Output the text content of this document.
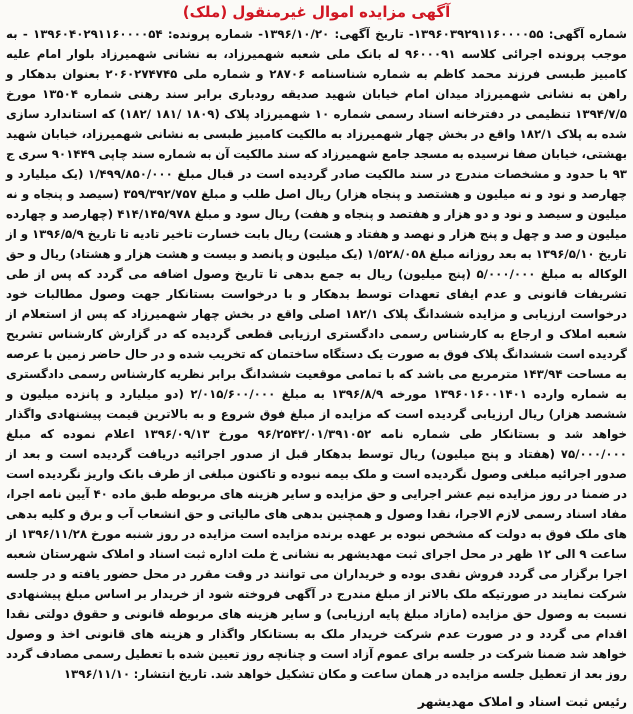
آگهی مزایده اموال غیرمنقول (ملک)

شماره آگهی: ۱۳۹۶۰۳۹۲۹۱۱۶۰۰۰۰۵۵- تاریخ آگهی: ۱۳۹۶/۱۰/۲۰- شماره پرونده: ۱۳۹۶۰۴۰۲۹۱۱۶۰۰۰۰۵۴ - به موجب پرونده اجرائی کلاسه ۹۶۰۰۰۹۱ له بانک ملی شعبه شهمیرزاد، به نشانی شهمیرزاد بلوار امام علیه کامبیز طبسی فرزند محمد کاظم به شماره شناسنامه ۲۸۷۰۶ و شماره ملی ۲۰۶۰۲۷۴۷۴۵ بعنوان بدهکار و راهن به نشانی شهمیرزاد میدان امام خیابان شهید صدیقه رودباری برابر سند رهنی شماره ۱۳۵۰۴ مورخ ۱۳۹۴/۷/۵ تنظیمی در دفترخانه اسناد رسمی شماره ۱۰ شهمیرزاد پلاک (۱۸۰۹ /۱۸۱ /۱۸۲) که استاندارد سازی شده به پلاک ۱۸۲/۱ واقع در بخش چهار شهمیرزاد به مالکیت کامبیز طبسی به نشانی شهمیرزاد، خیابان شهید بهشتی، خیابان صفا نرسیده به مسجد جامع شهمیرزاد که سند مالکیت آن به شماره سند چاپی ۹۰۱۴۴۹ سری ج ۹۳ با حدود و مشخصات مندرج در سند مالکیت صادر گردیده است در قبال مبلغ ۱/۴۹۹/۸۵۰/۰۰۰ (یک میلیارد و چهارصد و نود و نه میلیون و هشتصد و پنجاه هزار) ریال اصل طلب و مبلغ ۳۵۹/۳۹۲/۷۵۷ (سیصد و پنجاه و نه میلیون و سیصد و نود و دو هزار و هفتصد و پنجاه و هفت) ریال سود و مبلغ ۴۱۴/۱۴۵/۹۷۸ (چهارصد و چهارده میلیون و صد و چهل و پنج هزار و نهصد و هفتاد و هشت) ریال بابت خسارت تاخیر تادیه تا تاریخ ۱۳۹۶/۵/۹ و از تاریخ ۱۳۹۶/۵/۱۰ به بعد روزانه مبلغ ۱/۵۲۸/۰۵۸ (یک میلیون و پانصد و بیست و هشت هزار و هشتاد) ریال و حق الوکاله به مبلغ ۵/۰۰۰/۰۰۰ (پنج میلیون) ریال به جمع بدهی تا تاریخ وصول اضافه می گردد که پس از طی تشریفات قانونی و عدم ایفای تعهدات توسط بدهکار و با درخواست بستانکار جهت وصول مطالبات خود درخواست ارزیابی و مزایده ششدانگ پلاک ۱۸۲/۱ اصلی واقع در بخش چهار شهمیرزاد که پس از استعلام از شعبه املاک و ارجاع به کارشناس رسمی دادگستری ارزیابی قطعی گردیده که در گزارش کارشناس تشریح گردیده است ششدانگ پلاک فوق به صورت یک دستگاه ساختمان که تخریب شده و در حال حاضر زمین با عرصه به مساحت ۱۴۳/۹۴ مترمربع می باشد که با تمامی موقعیت ششدانگ برابر نظریه کارشناس رسمی دادگستری به شماره وارده ۱۳۹۶۰۱۶۰۰۱۴۰۱ مورخه ۱۳۹۶/۸/۹ به مبلغ ۲/۰۱۵/۶۰۰/۰۰۰ (دو میلیارد و پانزده میلیون و ششصد هزار) ریال ارزیابی گردیده است که مزایده از مبلغ فوق شروع و به بالاترین قیمت پیشنهادی واگذار خواهد شد و بستانکار طی شماره نامه ۹۶/۲۵۴۲/۰۱/۳۹۱۰۵۲ مورخ ۱۳۹۶/۰۹/۱۳ اعلام نموده که مبلغ ۷۵/۰۰۰/۰۰۰ (هفتاد و پنج میلیون) ریال توسط بدهکار قبل از صدور اجرائیه دریافت گردیده است و بعد از صدور اجرائیه مبلغی وصول نگردیده است و ملک بیمه نبوده و تاکنون مبلغی از طرف بانک واریز نگردیده است در ضمنا در روز مزایده نیم عشر اجرایی و حق مزایده و سایر هزینه های مربوطه طبق ماده ۴۰ آیین نامه اجرا، مفاد اسناد رسمی لازم الاجرا، نقدا وصول و همچنین بدهی های مالیاتی و حق انشعاب آب و برق و کلیه بدهی های ملک فوق به دولت که مشخص نبوده بر عهده برنده مزایده است مزایده در روز شنبه مورخ ۱۳۹۶/۱۱/۲۸ از ساعت ۹ الی ۱۲ ظهر در محل اجرای ثبت مهدیشهر به نشانی خ ملت اداره ثبت اسناد و املاک شهرستان شعبه اجرا برگزار می گردد فروش نقدی بوده و خریداران می توانند در وقت مقرر در محل حضور یافته و در جلسه شرکت نمایند در صورتیکه ملک بالاتر از مبلغ مندرج در آگهی فروخته شود از خریدار بر اساس مبلغ پیشنهادی نسبت به وصول حق مزایده (مازاد مبلغ پایه ارزیابی) و سایر هزینه های مربوطه قانونی و حقوق دولتی نقدا اقدام می گردد و در صورت عدم شرکت خریدار ملک به بستانکار واگذار و هزینه های قانونی اخذ و وصول خواهد شد ضمنا شرکت در جلسه برای عموم آزاد است و چنانچه روز تعیین شده با تعطیل رسمی مصادف گردد روز بعد از تعطیل جلسه مزایده در همان ساعت و مکان تشکیل خواهد شد. تاریخ انتشار: ۱۳۹۶/۱۱/۱۰

رئیس ثبت اسناد و املاک مهدیشهر
